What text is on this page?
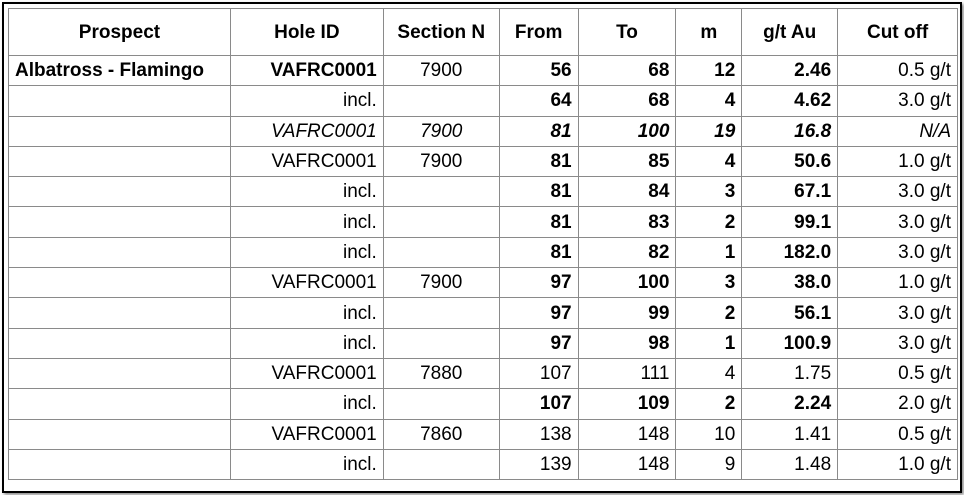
Prospect	Hole ID	Section N	From	To	m	g/t Au	Cut off
Albatross - Flamingo	VAFRC0001	7900	56	68	12	2.46	0.5 g/t
	incl.		64	68	4	4.62	3.0 g/t
	VAFRC0001	7900	81	100	19	16.8	N/A
	VAFRC0001	7900	81	85	4	50.6	1.0 g/t
	incl.		81	84	3	67.1	3.0 g/t
	incl.		81	83	2	99.1	3.0 g/t
	incl.		81	82	1	182.0	3.0 g/t
	VAFRC0001	7900	97	100	3	38.0	1.0 g/t
	incl.		97	99	2	56.1	3.0 g/t
	incl.		97	98	1	100.9	3.0 g/t
	VAFRC0001	7880	107	111	4	1.75	0.5 g/t
	incl.		107	109	2	2.24	2.0 g/t
	VAFRC0001	7860	138	148	10	1.41	0.5 g/t
	incl.		139	148	9	1.48	1.0 g/t
